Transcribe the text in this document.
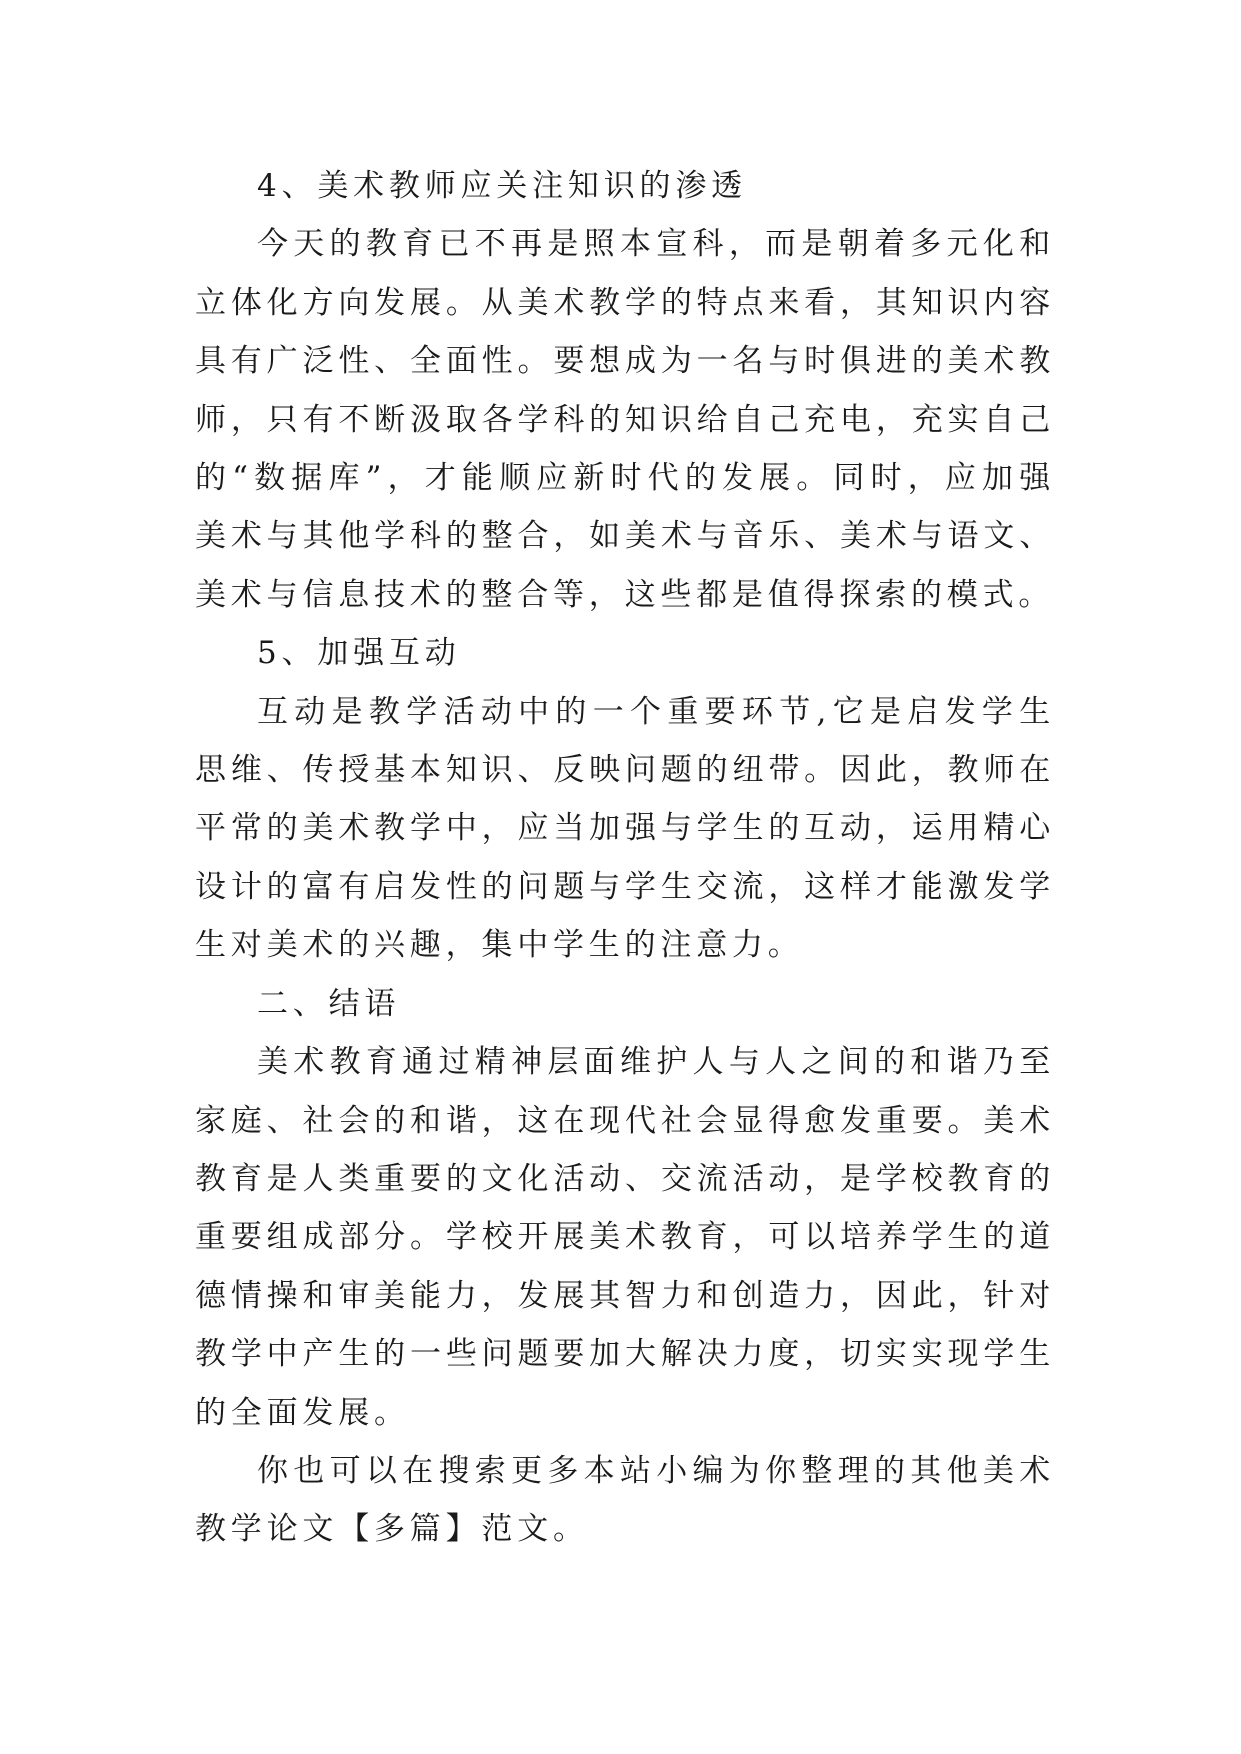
4、美术教师应关注知识的渗透

今天的教育已不再是照本宣科，而是朝着多元化和立体化方向发展。从美术教学的特点来看，其知识内容具有广泛性、全面性。要想成为一名与时俱进的美术教师，只有不断汲取各学科的知识给自己充电，充实自己的“数据库”，才能顺应新时代的发展。同时，应加强美术与其他学科的整合，如美术与音乐、美术与语文、美术与信息技术的整合等，这些都是值得探索的模式。

5、加强互动

互动是教学活动中的一个重要环节,它是启发学生思维、传授基本知识、反映问题的纽带。因此，教师在平常的美术教学中，应当加强与学生的互动，运用精心设计的富有启发性的问题与学生交流，这样才能激发学生对美术的兴趣，集中学生的注意力。

二、结语

美术教育通过精神层面维护人与人之间的和谐乃至家庭、社会的和谐，这在现代社会显得愈发重要。美术教育是人类重要的文化活动、交流活动，是学校教育的重要组成部分。学校开展美术教育，可以培养学生的道德情操和审美能力，发展其智力和创造力，因此，针对教学中产生的一些问题要加大解决力度，切实实现学生的全面发展。

你也可以在搜索更多本站小编为你整理的其他美术教学论文【多篇】范文。
